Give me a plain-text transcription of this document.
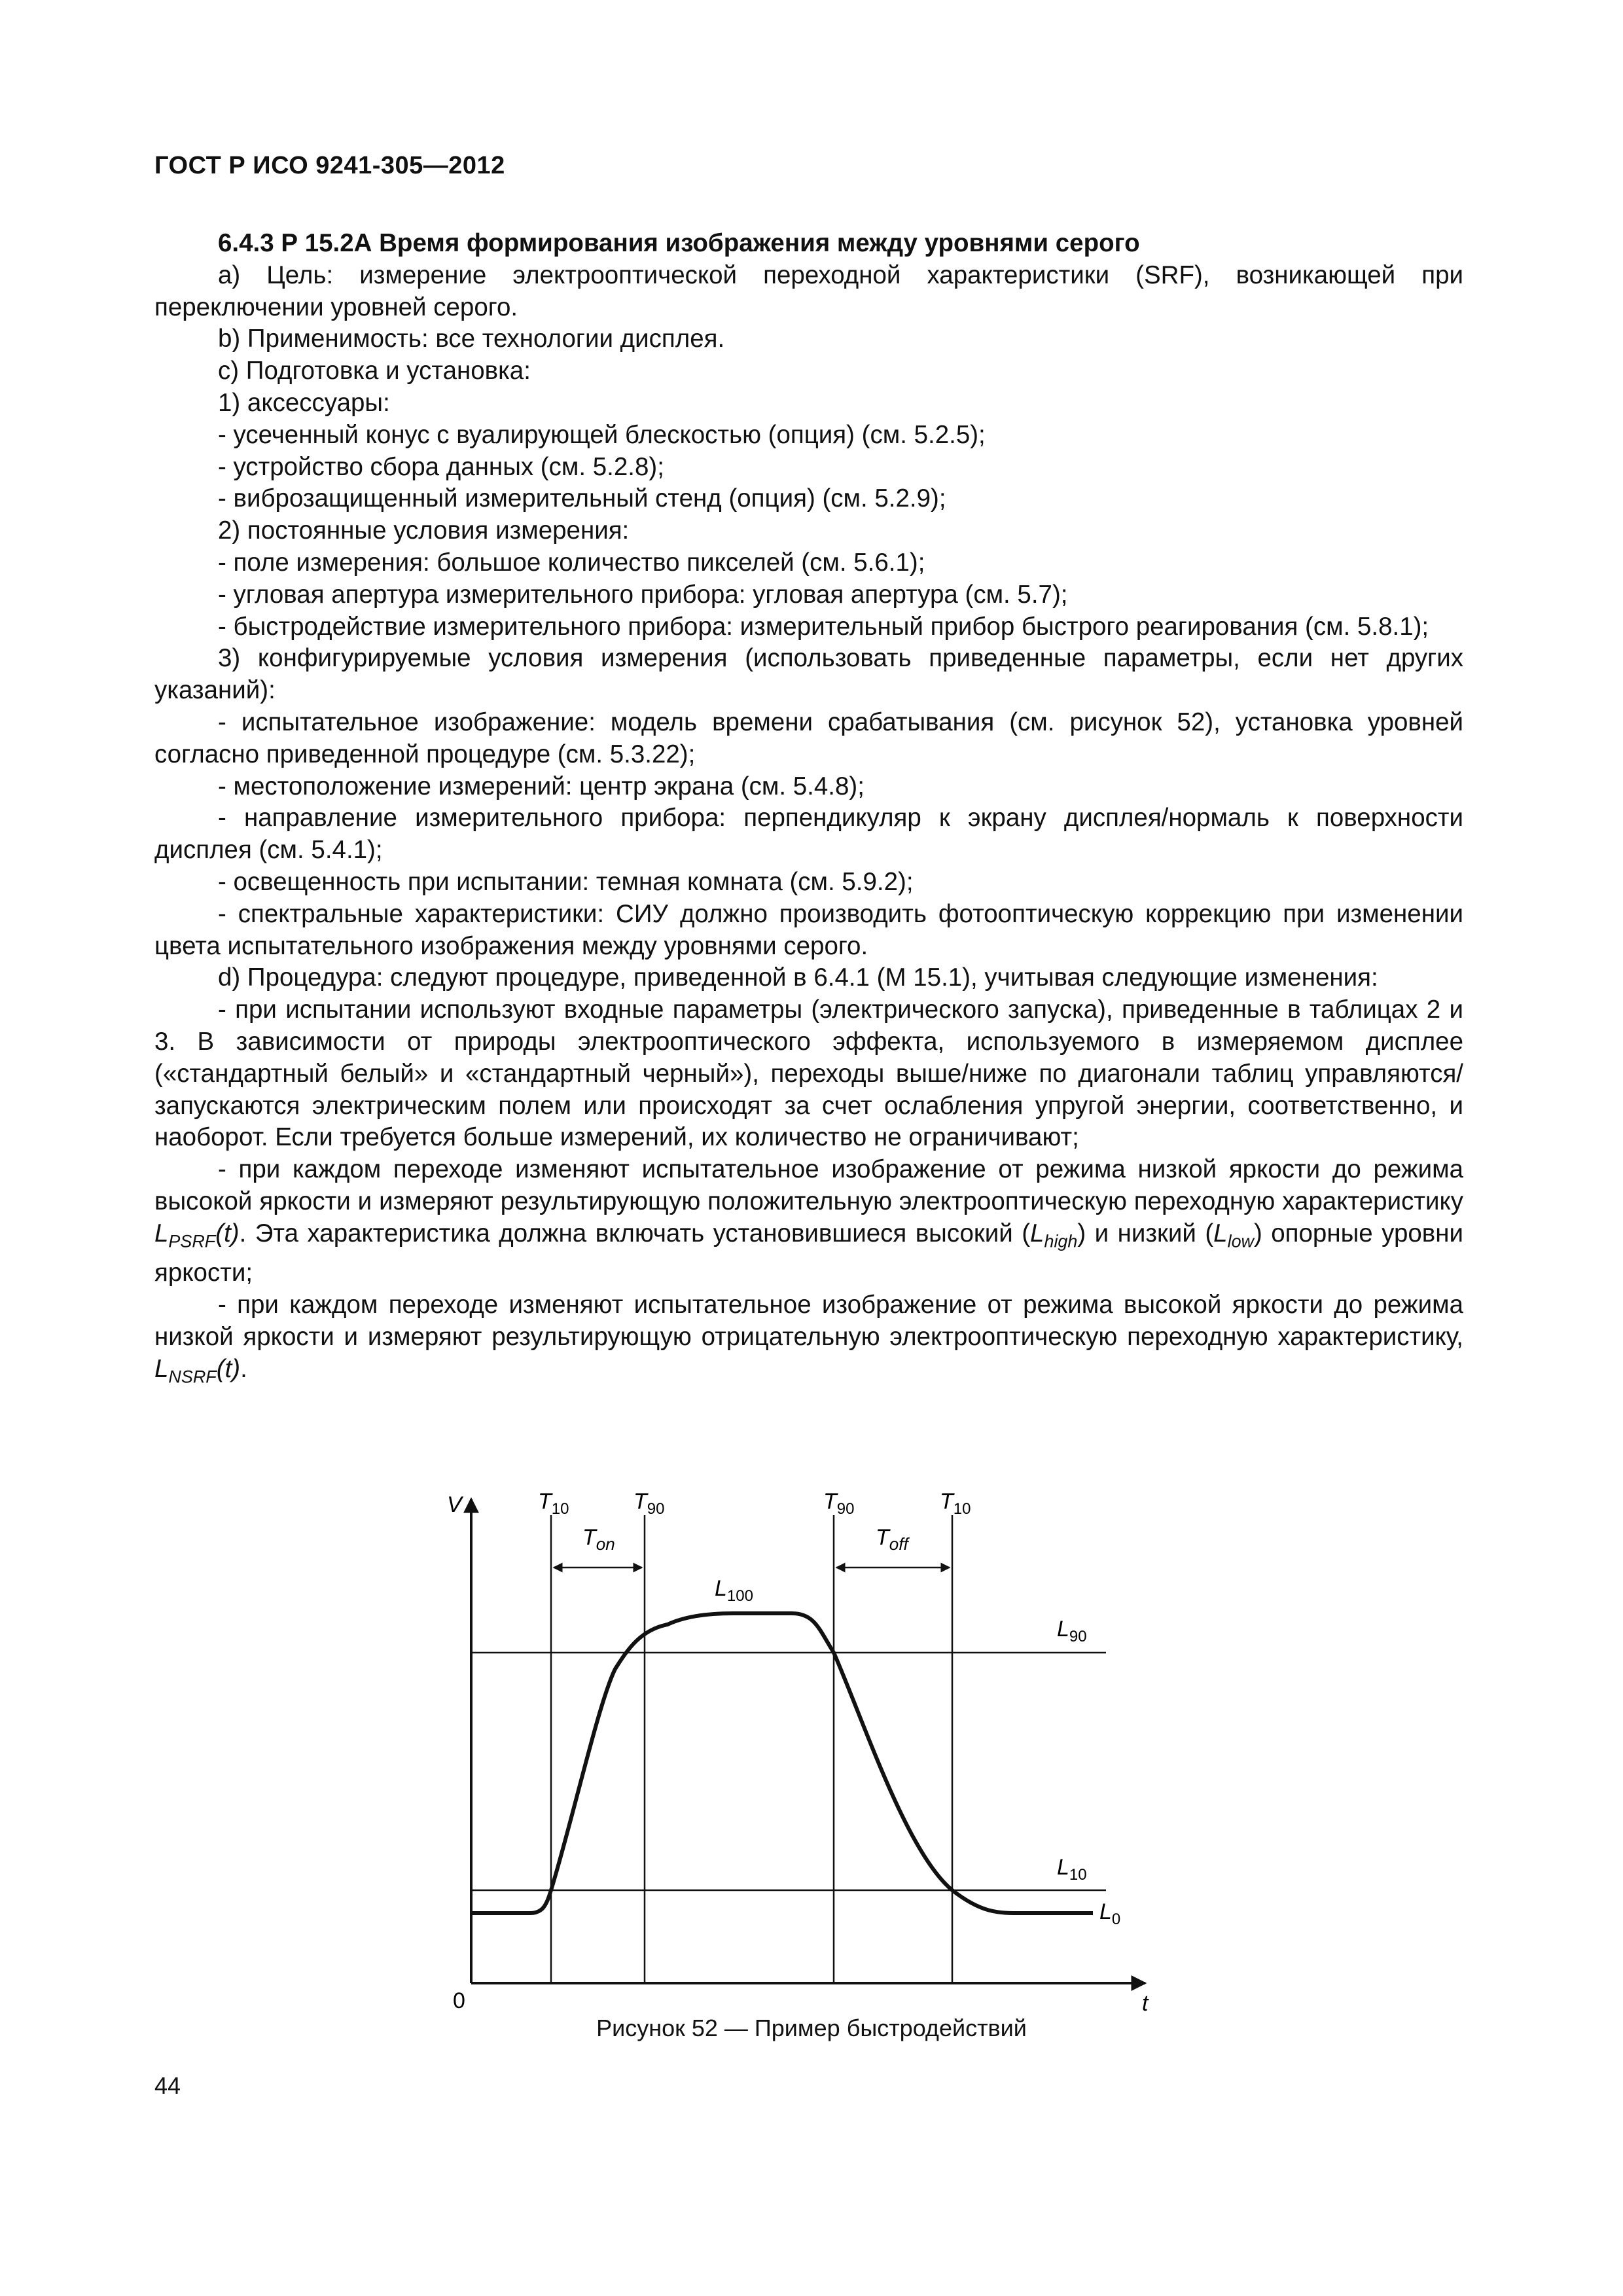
ГОСТ Р ИСО 9241-305—2012

6.4.3 Р 15.2А Время формирования изображения между уровнями серого

а) Цель: измерение электрооптической переходной характеристики (SRF), возникающей при переключении уровней серого.

b) Применимость: все технологии дисплея.

с) Подготовка и установка:

1) аксессуары:

- усеченный конус с вуалирующей блескостью (опция) (см. 5.2.5);

- устройство сбора данных (см. 5.2.8);

- виброзащищенный измерительный стенд (опция) (см. 5.2.9);

2) постоянные условия измерения:

- поле измерения: большое количество пикселей (см. 5.6.1);

- угловая апертура измерительного прибора: угловая апертура (см. 5.7);

- быстродействие измерительного прибора: измерительный прибор быстрого реагирования (см. 5.8.1);

3) конфигурируемые условия измерения (использовать приведенные параметры, если нет других указаний):

- испытательное изображение: модель времени срабатывания (см. рисунок 52), установка уровней согласно приведенной процедуре (см. 5.3.22);

- местоположение измерений: центр экрана (см. 5.4.8);

- направление измерительного прибора: перпендикуляр к экрану дисплея/нормаль к поверхности дисплея (см. 5.4.1);

- освещенность при испытании: темная комната (см. 5.9.2);

- спектральные характеристики: СИУ должно производить фотооптическую коррекцию при изменении цвета испытательного изображения между уровнями серого.

d) Процедура: следуют процедуре, приведенной в 6.4.1 (М 15.1), учитывая следующие изменения:

- при испытании используют входные параметры (электрического запуска), приведенные в таблицах 2 и 3. В зависимости от природы электрооптического эффекта, используемого в измеряемом дисплее («стандартный белый» и «стандартный черный»), переходы выше/ниже по диагонали таблиц управляются/запускаются электрическим полем или происходят за счет ослабления упругой энергии, соответственно, и наоборот. Если требуется больше измерений, их количество не ограничивают;

- при каждом переходе изменяют испытательное изображение от режима низкой яркости до режима высокой яркости и измеряют результирующую положительную электрооптическую переходную характеристику $L_{PSRF}(t)$. Эта характеристика должна включать установившиеся высокий $(L_{high})$ и низкий $(L_{low})$ опорные уровни яркости;

- при каждом переходе изменяют испытательное изображение от режима высокой яркости до режима низкой яркости и измеряют результирующую отрицательную электрооптическую переходную характеристику, $L_{NSRF}(t)$.

V
t
0
$T_{10}$	$T_{90}$	$T_{90}$	$T_{10}$
$T_{on}$	$T_{off}$
$L_{100}$
$L_{90}$
$L_{10}$
$L_0$
Рисунок 52 — Пример быстродействий
44
